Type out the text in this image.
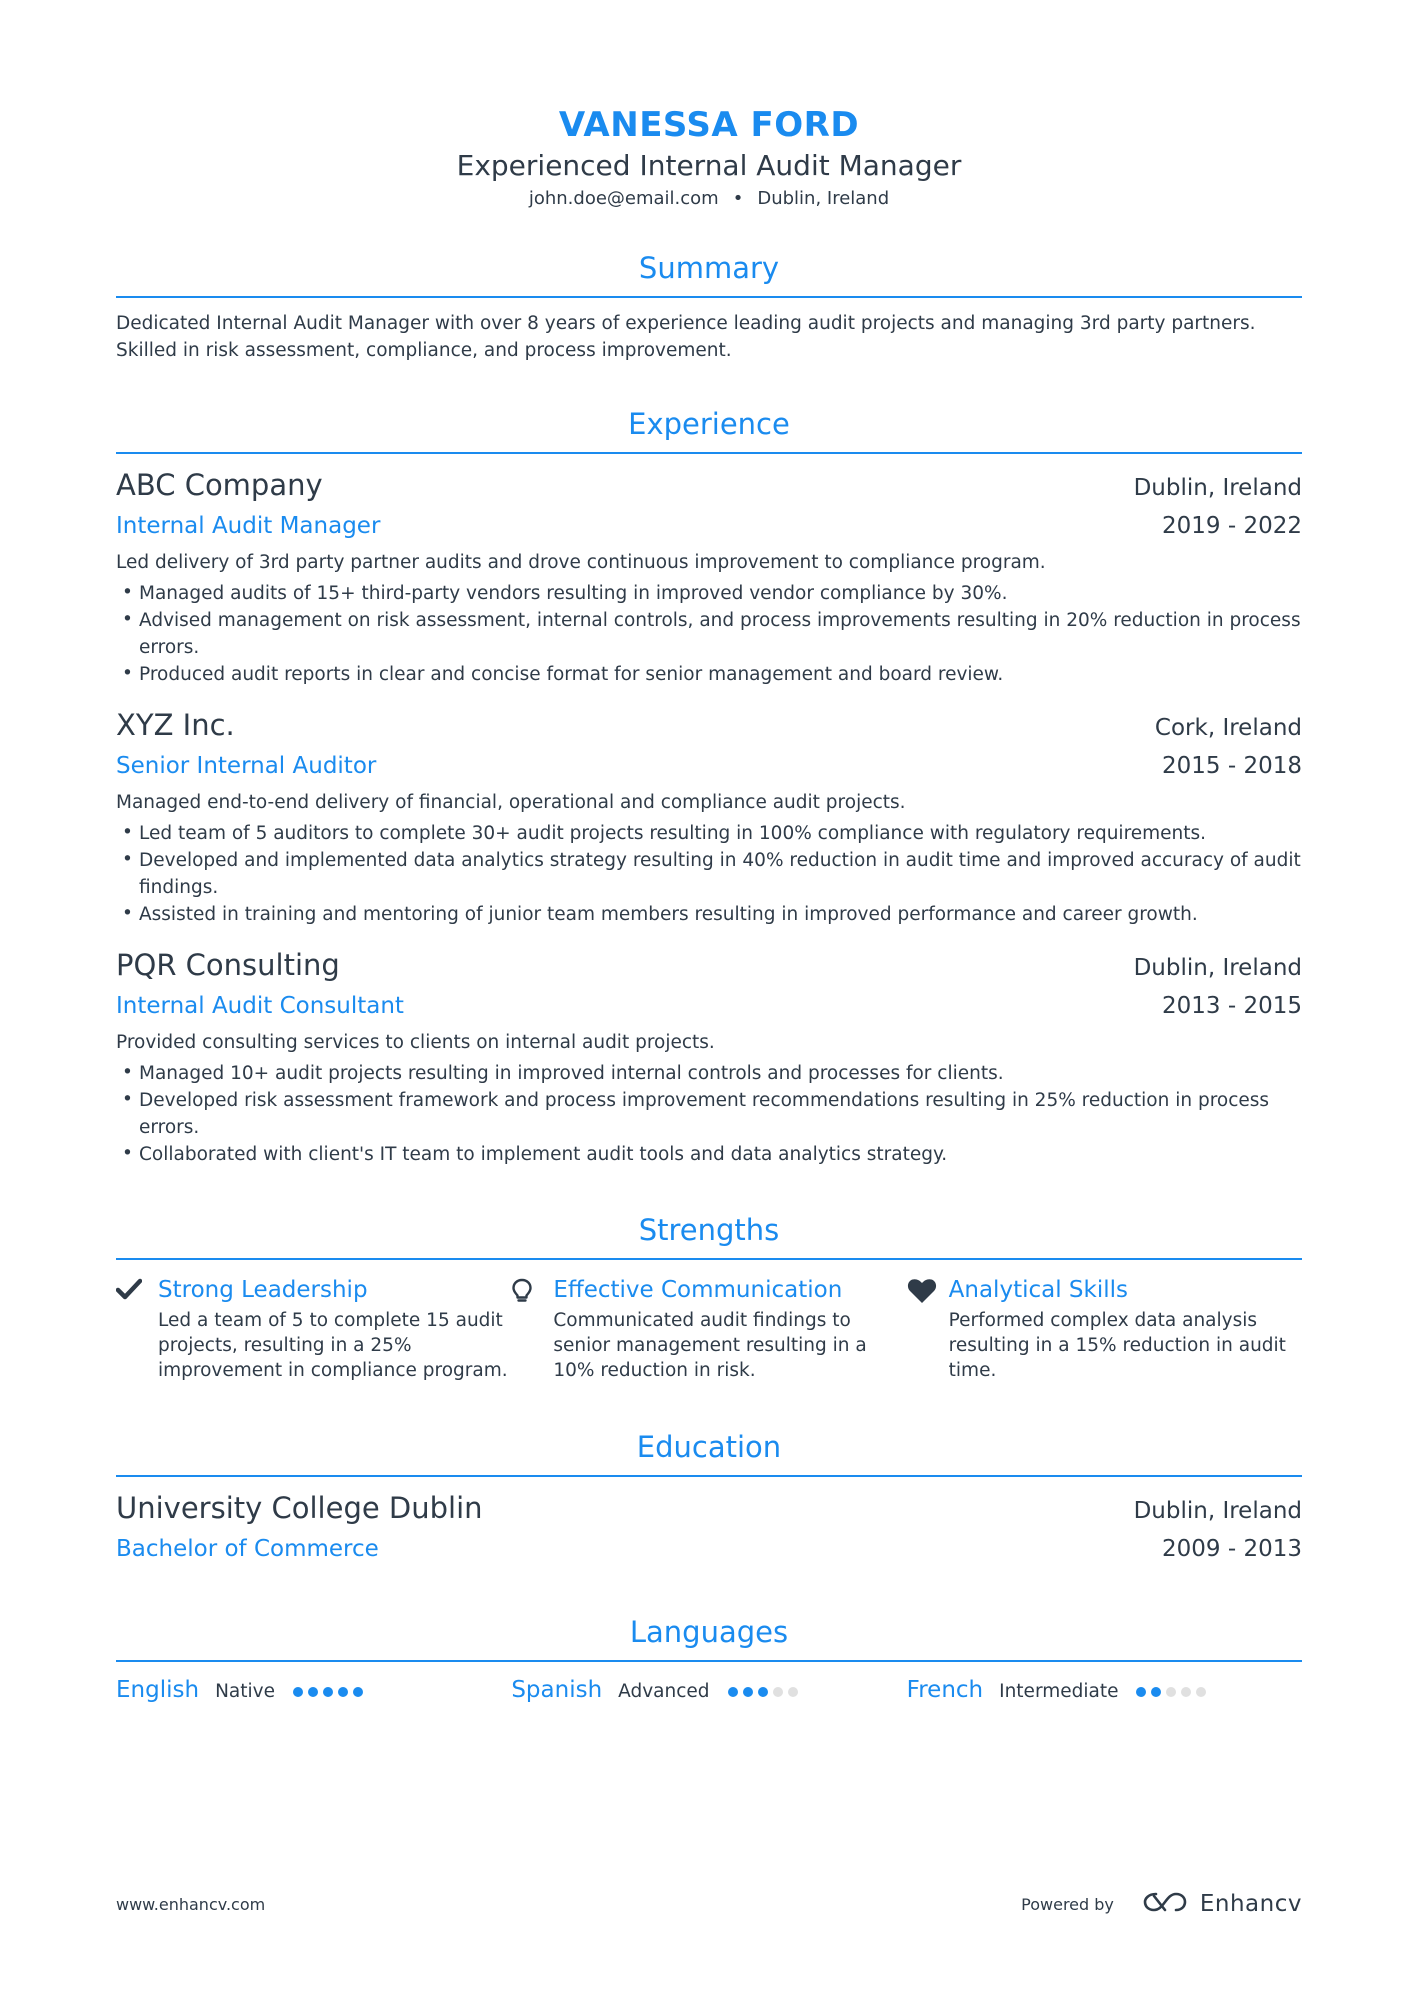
VANESSA FORD
Experienced Internal Audit Manager
john.doe@email.com • Dublin, Ireland
Summary
Dedicated Internal Audit Manager with over 8 years of experience leading audit projects and managing 3rd party partners. Skilled in risk assessment, compliance, and process improvement.
Experience
ABC Company	Dublin, Ireland
Internal Audit Manager	2019 - 2022
Led delivery of 3rd party partner audits and drove continuous improvement to compliance program.
• Managed audits of 15+ third-party vendors resulting in improved vendor compliance by 30%.
• Advised management on risk assessment, internal controls, and process improvements resulting in 20% reduction in process errors.
• Produced audit reports in clear and concise format for senior management and board review.
XYZ Inc.	Cork, Ireland
Senior Internal Auditor	2015 - 2018
Managed end-to-end delivery of financial, operational and compliance audit projects.
• Led team of 5 auditors to complete 30+ audit projects resulting in 100% compliance with regulatory requirements.
• Developed and implemented data analytics strategy resulting in 40% reduction in audit time and improved accuracy of audit findings.
• Assisted in training and mentoring of junior team members resulting in improved performance and career growth.
PQR Consulting	Dublin, Ireland
Internal Audit Consultant	2013 - 2015
Provided consulting services to clients on internal audit projects.
• Managed 10+ audit projects resulting in improved internal controls and processes for clients.
• Developed risk assessment framework and process improvement recommendations resulting in 25% reduction in process errors.
• Collaborated with client's IT team to implement audit tools and data analytics strategy.
Strengths
Strong Leadership
Led a team of 5 to complete 15 audit projects, resulting in a 25% improvement in compliance program.
Effective Communication
Communicated audit findings to senior management resulting in a 10% reduction in risk.
Analytical Skills
Performed complex data analysis resulting in a 15% reduction in audit time.
Education
University College Dublin	Dublin, Ireland
Bachelor of Commerce	2009 - 2013
Languages
English Native	Spanish Advanced	French Intermediate
www.enhancv.com	Powered by	Enhancv
